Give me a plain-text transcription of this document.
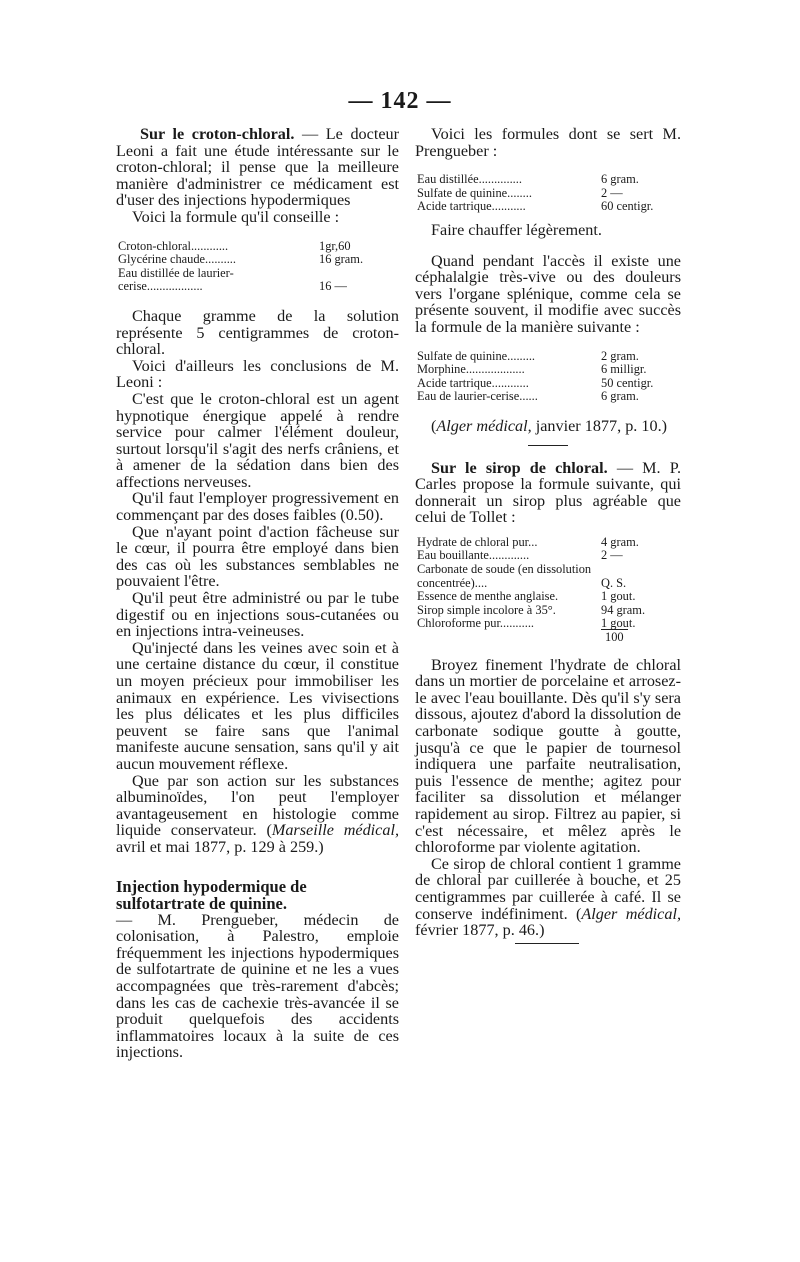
— 142 —

Sur le croton-chloral. — Le docteur Leoni a fait une étude intéressante sur le croton-chloral; il pense que la meilleure manière d'administrer ce médicament est d'user des injections hypodermiques

Voici la formule qu'il conseille :

Croton-chloral............	1gr,60
Glycérine chaude..........	16 gram.
Eau distillée de laurier-cerise..................	16 —

Chaque gramme de la solution représente 5 centigrammes de croton-chloral.

Voici d'ailleurs les conclusions de M. Leoni :

C'est que le croton-chloral est un agent hypnotique énergique appelé à rendre service pour calmer l'élément douleur, surtout lorsqu'il s'agit des nerfs crâniens, et à amener de la sédation dans bien des affections nerveuses.

Qu'il faut l'employer progressivement en commençant par des doses faibles (0.50).

Que n'ayant point d'action fâcheuse sur le cœur, il pourra être employé dans bien des cas où les substances semblables ne pouvaient l'être.

Qu'il peut être administré ou par le tube digestif ou en injections sous-cutanées ou en injections intra-veineuses.

Qu'injecté dans les veines avec soin et à une certaine distance du cœur, il constitue un moyen précieux pour immobiliser les animaux en expérience. Les vivisections les plus délicates et les plus difficiles peuvent se faire sans que l'animal manifeste aucune sensation, sans qu'il y ait aucun mouvement réflexe.

Que par son action sur les substances albuminoïdes, l'on peut l'employer avantageusement en histologie comme liquide conservateur. (Marseille médical, avril et mai 1877, p. 129 à 259.)

Injection hypodermique de sulfotartrate de quinine.

— M. Prengueber, médecin de colonisation, à Palestro, emploie fréquemment les injections hypodermiques de sulfotartrate de quinine et ne les a vues accompagnées que très-rarement d'abcès; dans les cas de cachexie très-avancée il se produit quelquefois des accidents inflammatoires locaux à la suite de ces injections.

Voici les formules dont se sert M. Prengueber :

Eau distillée..............	6 gram.
Sulfate de quinine........	2 —
Acide tartrique...........	60 centigr.

Faire chauffer légèrement.

Quand pendant l'accès il existe une céphalalgie très-vive ou des douleurs vers l'organe splénique, comme cela se présente souvent, il modifie avec succès la formule de la manière suivante :

Sulfate de quinine.........	2 gram.
Morphine...................	6 milligr.
Acide tartrique............	50 centigr.
Eau de laurier-cerise......	6 gram.

(Alger médical, janvier 1877, p. 10.)

Sur le sirop de chloral. — M. P. Carles propose la formule suivante, qui donnerait un sirop plus agréable que celui de Tollet :

Hydrate de chloral pur...	4 gram.
Eau bouillante.............	2 —
Carbonate de soude (en dissolution concentrée)....	Q. S.
Essence de menthe anglaise.	1 gout.
Sirop simple incolore à 35°.	94 gram.
Chloroforme pur...........	1 gout.
	100

Broyez finement l'hydrate de chloral dans un mortier de porcelaine et arrosez-le avec l'eau bouillante. Dès qu'il s'y sera dissous, ajoutez d'abord la dissolution de carbonate sodique goutte à goutte, jusqu'à ce que le papier de tournesol indiquera une parfaite neutralisation, puis l'essence de menthe; agitez pour faciliter sa dissolution et mélanger rapidement au sirop. Filtrez au papier, si c'est nécessaire, et mêlez après le chloroforme par violente agitation.

Ce sirop de chloral contient 1 gramme de chloral par cuillerée à bouche, et 25 centigrammes par cuillerée à café. Il se conserve indéfiniment. (Alger médical, février 1877, p. 46.)
